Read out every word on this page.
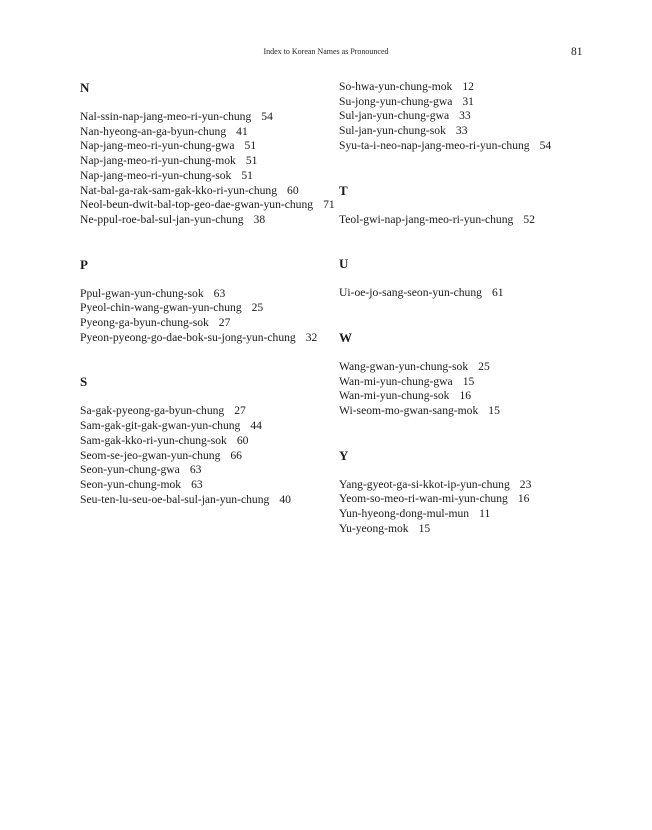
Index to Korean Names as Pronounced	81
N
Nal-ssin-nap-jang-meo-ri-yun-chung 54
Nan-hyeong-an-ga-byun-chung 41
Nap-jang-meo-ri-yun-chung-gwa 51
Nap-jang-meo-ri-yun-chung-mok 51
Nap-jang-meo-ri-yun-chung-sok 51
Nat-bal-ga-rak-sam-gak-kko-ri-yun-chung 60
Neol-beun-dwit-bal-top-geo-dae-gwan-yun-chung 71
Ne-ppul-roe-bal-sul-jan-yun-chung 38
P
Ppul-gwan-yun-chung-sok 63
Pyeol-chin-wang-gwan-yun-chung 25
Pyeong-ga-byun-chung-sok 27
Pyeon-pyeong-go-dae-bok-su-jong-yun-chung 32
S
Sa-gak-pyeong-ga-byun-chung 27
Sam-gak-git-gak-gwan-yun-chung 44
Sam-gak-kko-ri-yun-chung-sok 60
Seom-se-jeo-gwan-yun-chung 66
Seon-yun-chung-gwa 63
Seon-yun-chung-mok 63
Seu-ten-lu-seu-oe-bal-sul-jan-yun-chung 40
So-hwa-yun-chung-mok 12
Su-jong-yun-chung-gwa 31
Sul-jan-yun-chung-gwa 33
Sul-jan-yun-chung-sok 33
Syu-ta-i-neo-nap-jang-meo-ri-yun-chung 54
T
Teol-gwi-nap-jang-meo-ri-yun-chung 52
U
Ui-oe-jo-sang-seon-yun-chung 61
W
Wang-gwan-yun-chung-sok 25
Wan-mi-yun-chung-gwa 15
Wan-mi-yun-chung-sok 16
Wi-seom-mo-gwan-sang-mok 15
Y
Yang-gyeot-ga-si-kkot-ip-yun-chung 23
Yeom-so-meo-ri-wan-mi-yun-chung 16
Yun-hyeong-dong-mul-mun 11
Yu-yeong-mok 15
